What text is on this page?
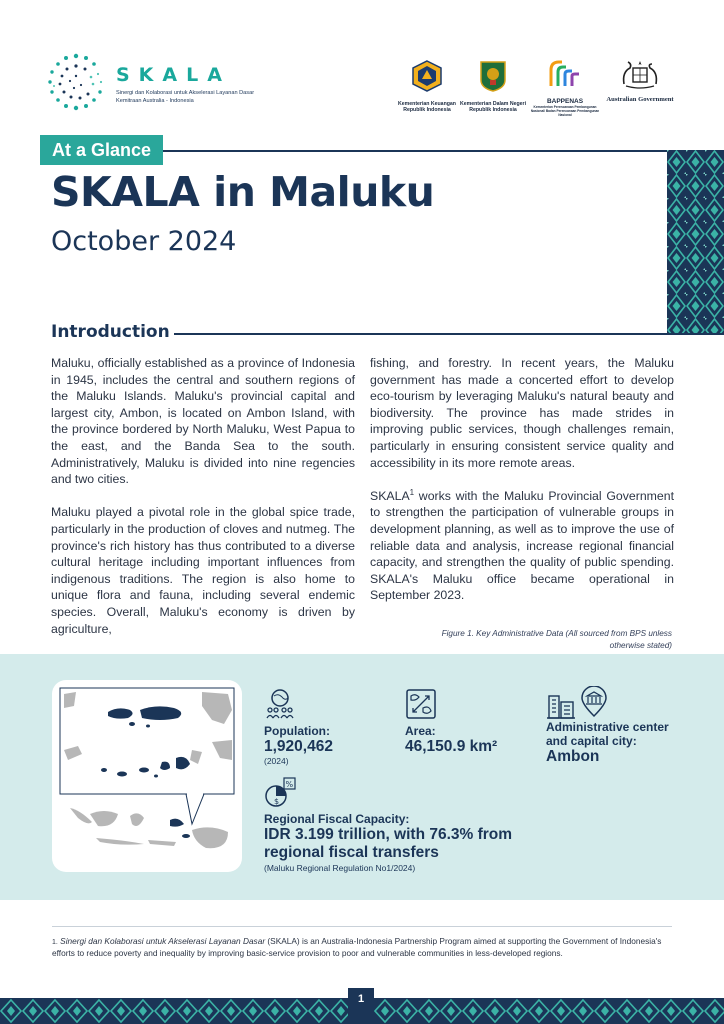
SKALA
Sinergi dan Kolaborasi untuk Akselerasi Layanan Dasar
Kemitraan Australia - Indonesia	Kementerian Keuangan
Republik Indonesia
Kementerian Dalam Negeri
Republik Indonesia
BAPPENAS
Kementerian Perencanaan Pembangunan Nasional/ Badan Perencanaan Pembangunan Nasional
Australian Government
At a Glance
SKALA in Maluku
October 2024
Introduction

Maluku, officially established as a province of Indonesia in 1945, includes the central and southern regions of the Maluku Islands. Maluku's provincial capital and largest city, Ambon, is located on Ambon Island, with the province bordered by North Maluku, West Papua to the east, and the Banda Sea to the south. Administratively, Maluku is divided into nine regencies and two cities.

Maluku played a pivotal role in the global spice trade, particularly in the production of cloves and nutmeg. The province's rich history has thus contributed to a diverse cultural heritage including important influences from indigenous traditions. The region is also home to unique flora and fauna, including several endemic species. Overall, Maluku's economy is driven by agriculture,

fishing, and forestry. In recent years, the Maluku government has made a concerted effort to develop eco-tourism by leveraging Maluku's natural beauty and biodiversity. The province has made strides in improving public services, though challenges remain, particularly in ensuring consistent service quality and accessibility in its more remote areas.

SKALA$^1$ works with the Maluku Provincial Government to strengthen the participation of vulnerable groups in development planning, as well as to improve the use of reliable data and analysis, increase regional financial capacity, and strengthen the quality of public spending. SKALA's Maluku office became operational in September 2023.

Figure 1. Key Administrative Data (All sourced from BPS unless otherwise stated)
Population:
1,920,462
(2024)
Area:
46,150.9 km²
Administrative center
and capital city:
Ambon
$
%
Regional Fiscal Capacity:
IDR 3.199 trillion, with 76.3% from
regional fiscal transfers
(Maluku Regional Regulation No1/2024)
1. Sinergi dan Kolaborasi untuk Akselerasi Layanan Dasar (SKALA) is an Australia-Indonesia Partnership Program aimed at supporting the Government of Indonesia's efforts to reduce poverty and inequality by improving basic-service provision to poor and vulnerable communities in less-developed regions.
1
